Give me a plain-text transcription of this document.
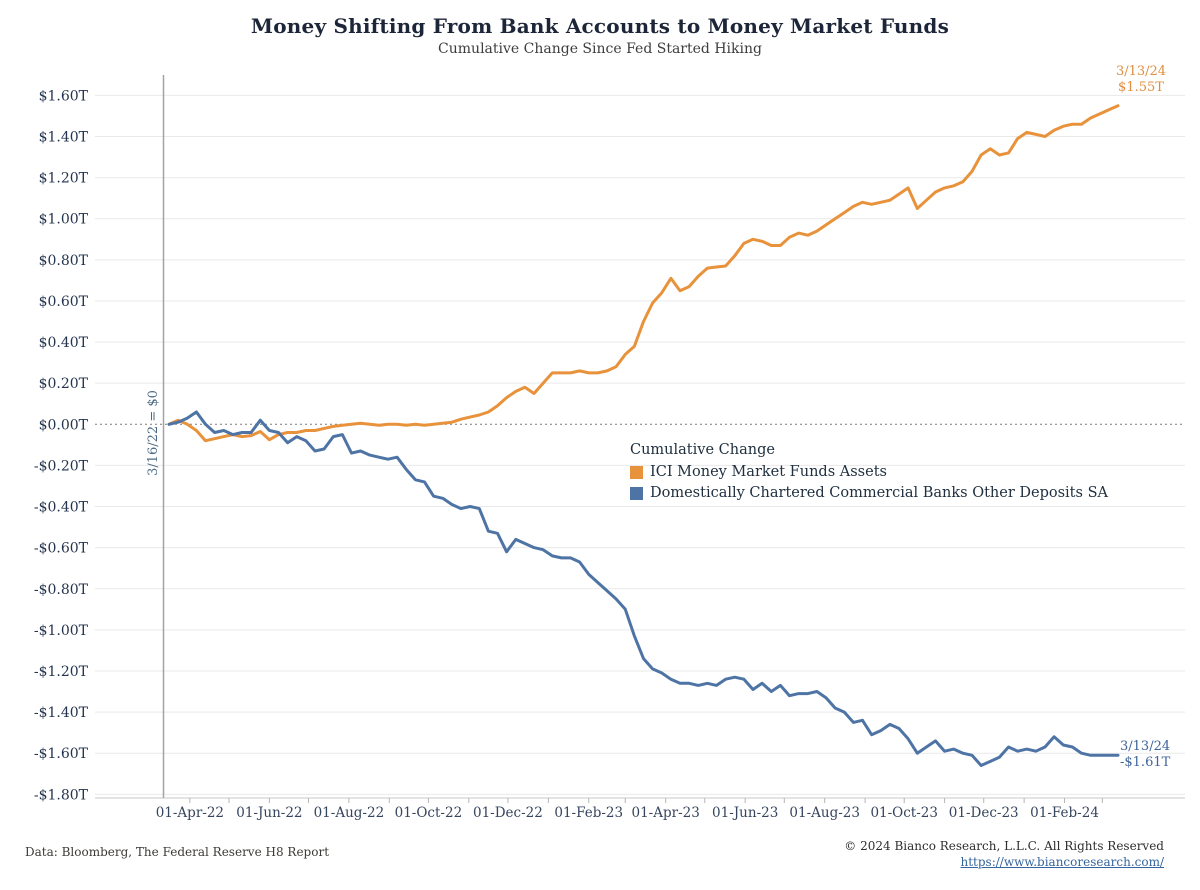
Money Shifting From Bank Accounts to Money Market Funds
Cumulative Change Since Fed Started Hiking
$1.60T
$1.40T
$1.20T
$1.00T
$0.80T
$0.60T
$0.40T
$0.20T
$0.00T
-$0.20T
-$0.40T
-$0.60T
-$0.80T
-$1.00T
-$1.20T
-$1.40T
-$1.60T
-$1.80T
01-Apr-22 01-Jun-22 01-Aug-22 01-Oct-22 01-Dec-22 01-Feb-23 01-Apr-23 01-Jun-23 01-Aug-23 01-Oct-23 01-Dec-23 01-Feb-24
3/16/22 = $0	Cumulative Change
ICI Money Market Funds Assets
Domestically Chartered Commercial Banks Other Deposits SA
3/13/24
$1.55T
3/13/24
-$1.61T
Data: Bloomberg, The Federal Reserve H8 Report	© 2024 Bianco Research, L.L.C. All Rights Reserved
https://www.biancoresearch.com/
